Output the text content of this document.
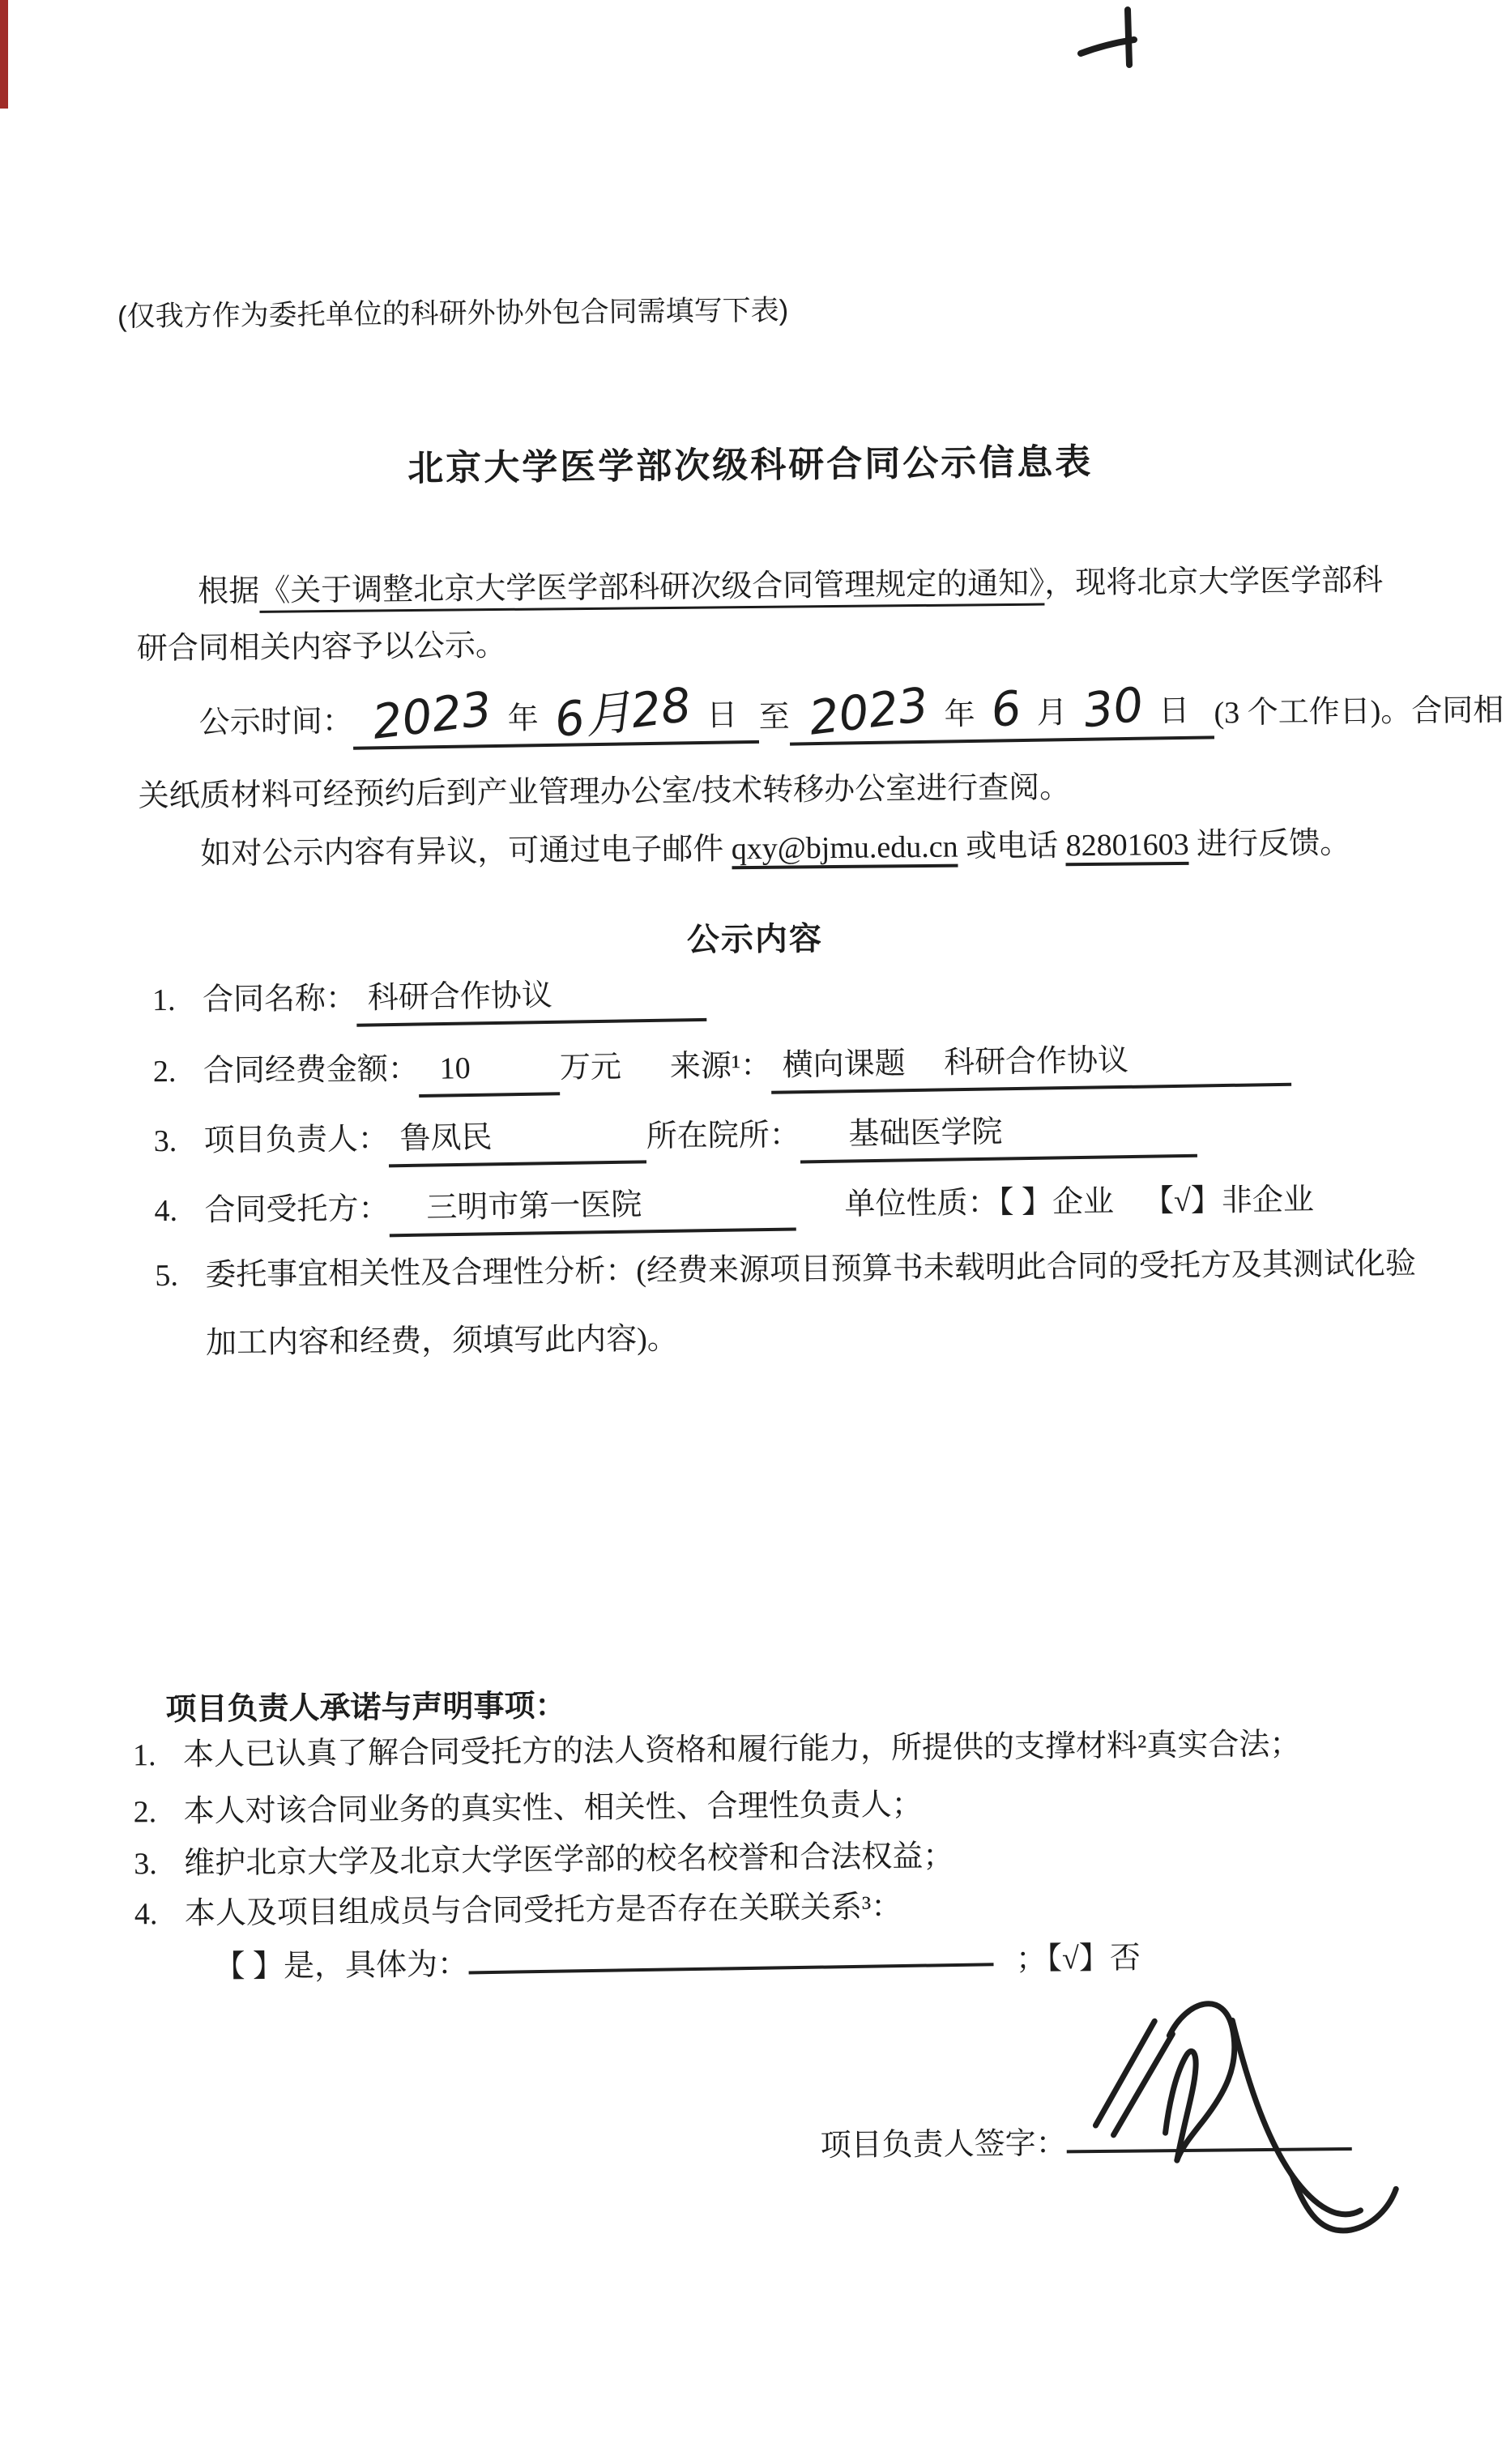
(仅我方作为委托单位的科研外协外包合同需填写下表)
北京大学医学部次级科研合同公示信息表
根据《关于调整北京大学医学部科研次级合同管理规定的通知》，现将北京大学医学部科
研合同相关内容予以公示。
公示时间： 2023 年 6月28 日 至 2023 年 6 月 30 日 (3 个工作日)。合同相
关纸质材料可经预约后到产业管理办公室/技术转移办公室进行查阅。
如对公示内容有异议，可通过电子邮件 qxy@bjmu.edu.cn 或电话 82801603 进行反馈。
公示内容
1. 合同名称： 科研合作协议
2. 合同经费金额： 10	万元 来源¹： 横向课题　 科研合作协议
3. 项目负责人： 鲁凤民	所在院所： 基础医学院
4. 合同受托方： 三明市第一医院	单位性质：【 】企业 【√】非企业
5. 委托事宜相关性及合理性分析：(经费来源项目预算书未载明此合同的受托方及其测试化验
加工内容和经费，须填写此内容)。
项目负责人承诺与声明事项：
1. 本人已认真了解合同受托方的法人资格和履行能力，所提供的支撑材料²真实合法；
2. 本人对该合同业务的真实性、相关性、合理性负责人；
3. 维护北京大学及北京大学医学部的校名校誉和合法权益；
4. 本人及项目组成员与合同受托方是否存在关联关系³：
【 】是，具体为：	；【√】否
项目负责人签字：
